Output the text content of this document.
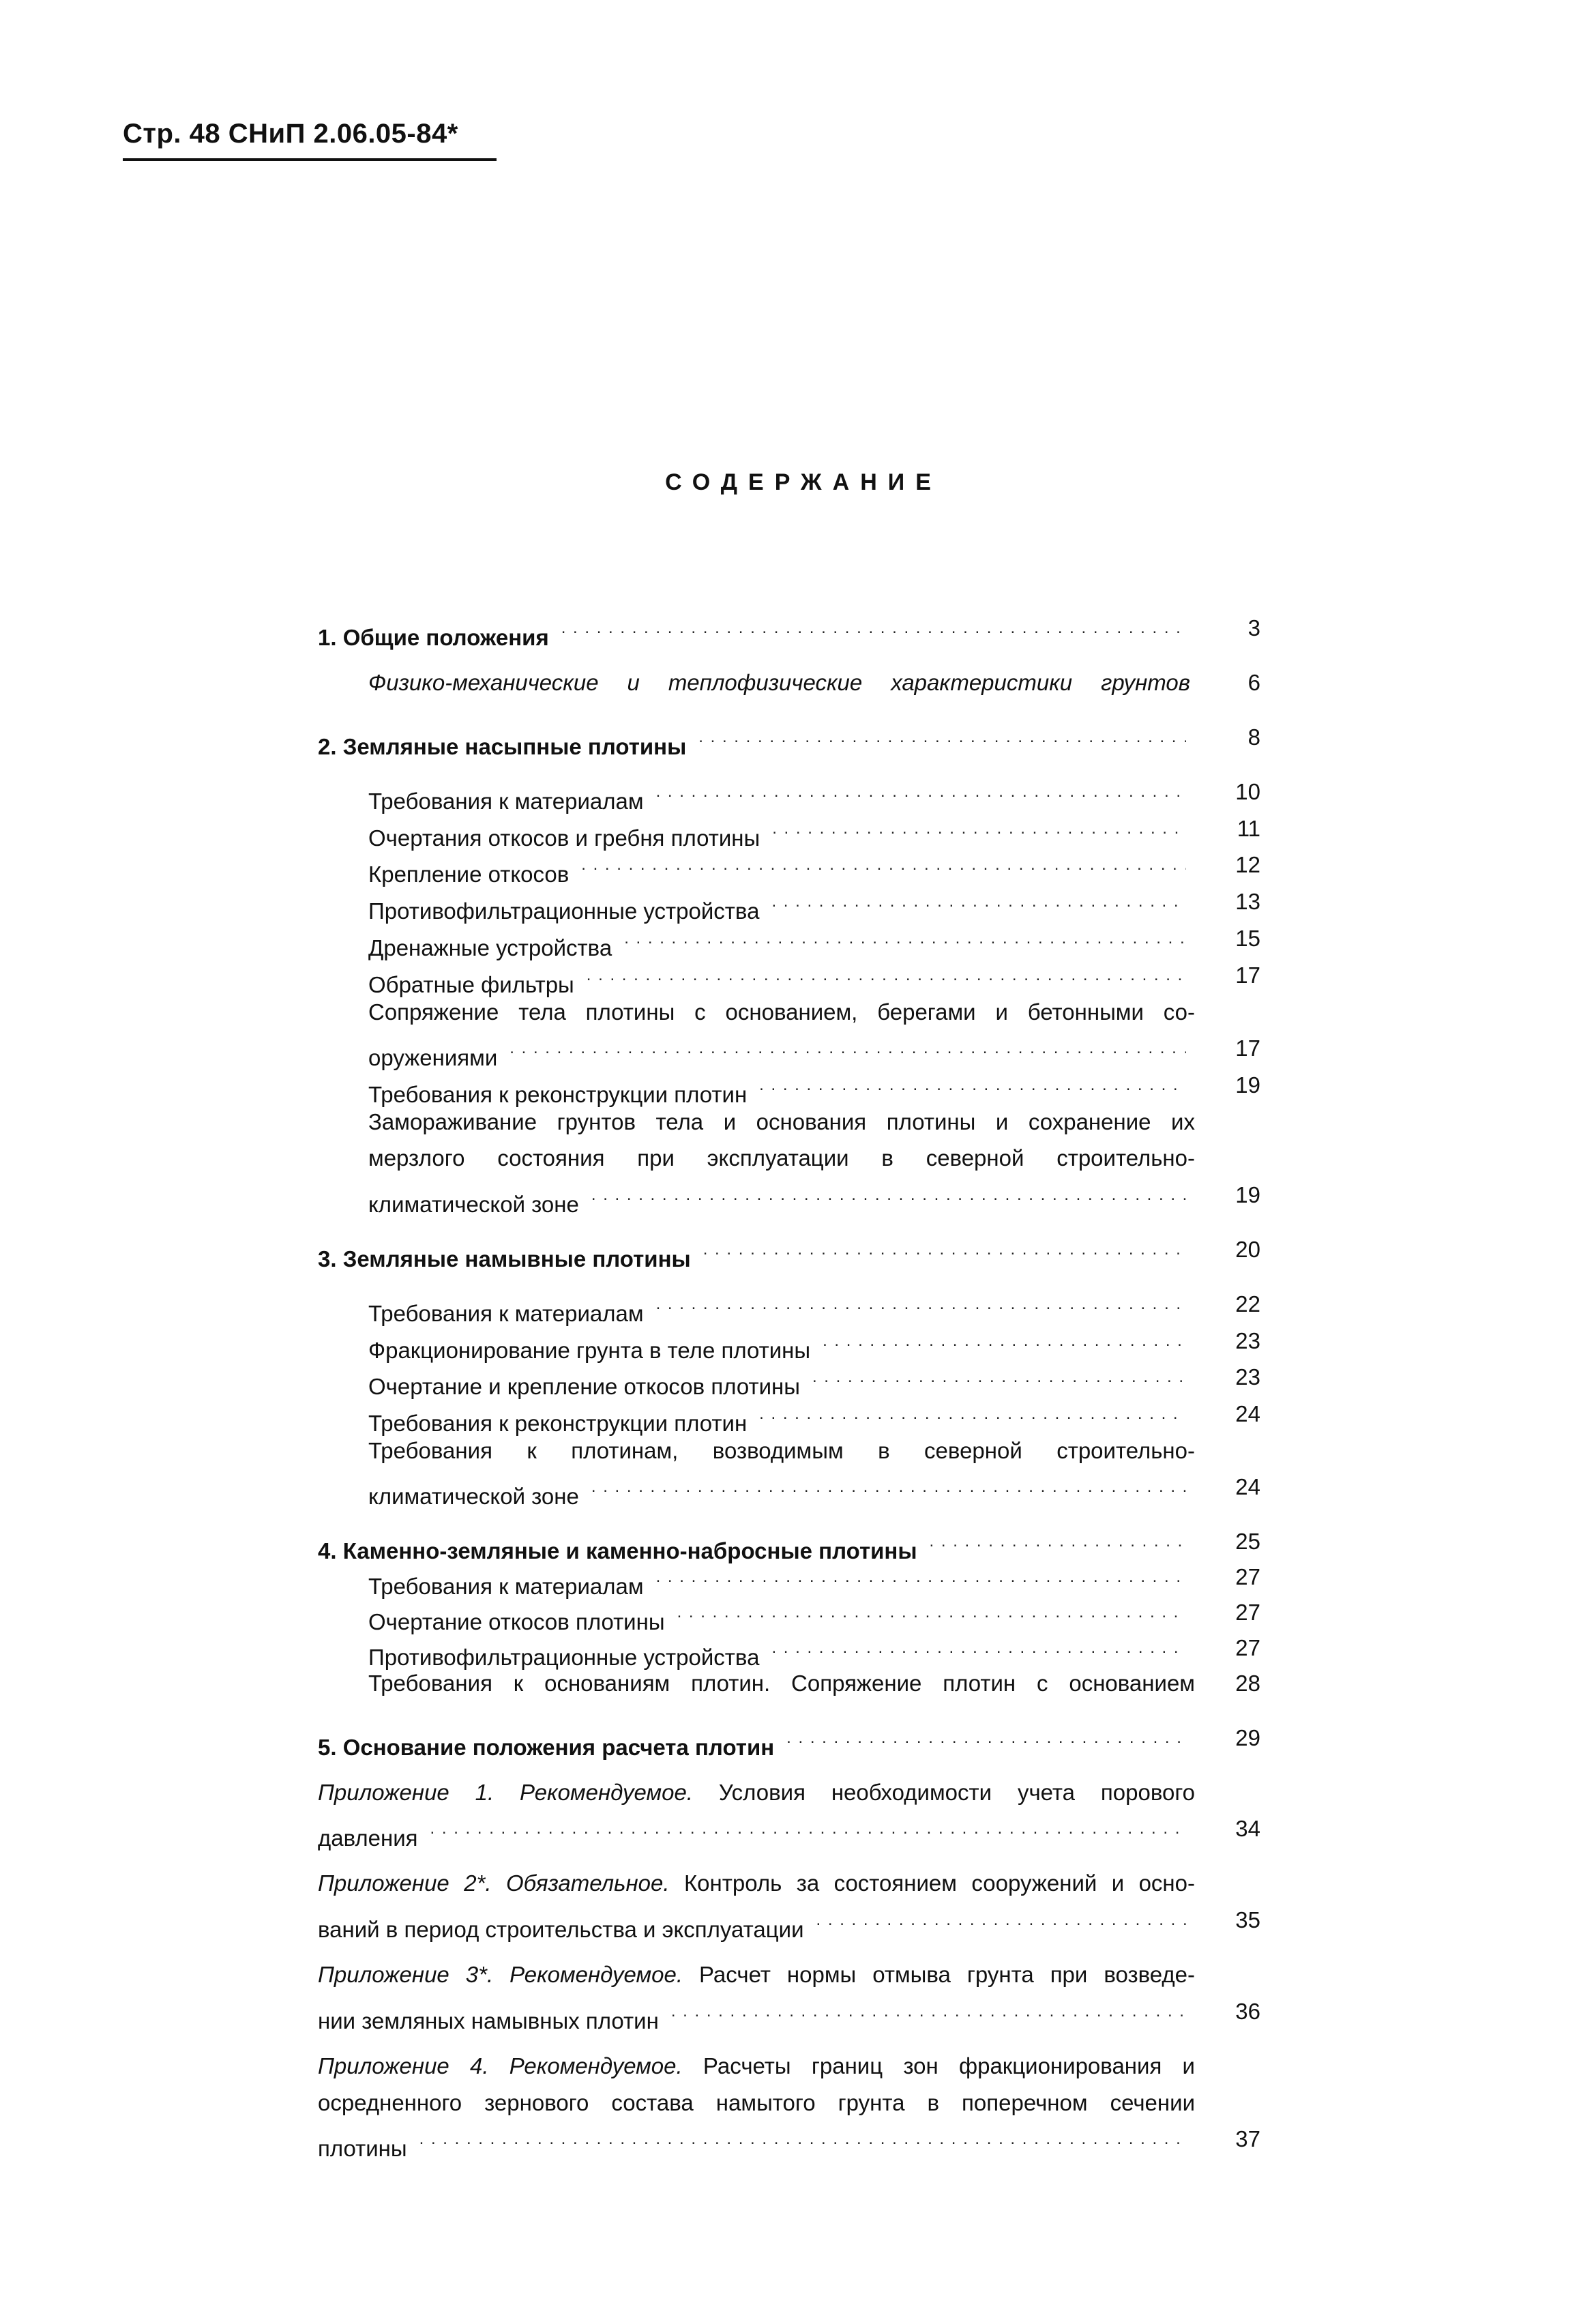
Стр. 48 СНиП 2.06.05-84*
СОДЕРЖАНИЕ
1. Общие положения . . .	3
Физико-механические и теплофизические характеристики грунтов	6
2. Земляные насыпные плотины . . .	8
Требования к материалам . . .	10
Очертания откосов и гребня плотины . . .	11
Крепление откосов . . .	12
Противофильтрационные устройства . . .	13
Дренажные устройства . . .	15
Обратные фильтры . . .	17
Сопряжение тела плотины с основанием, берегами и бетонными со-
оружениями . . .	17
Требования к реконструкции плотин . . .	19
Замораживание грунтов тела и основания плотины и сохранение их
мерзлого состояния при эксплуатации в северной строительно-
климатической зоне . . .	19
3. Земляные намывные плотины . . .	20
Требования к материалам . . .	22
Фракционирование грунта в теле плотины . . .	23
Очертание и крепление откосов плотины . . .	23
Требования к реконструкции плотин . . .	24
Требования к плотинам, возводимым в северной строительно-
климатической зоне . . .	24
4. Каменно-земляные и каменно-набросные плотины . . .	25
Требования к материалам . . .	27
Очертание откосов плотины . . .	27
Противофильтрационные устройства . . .	27
Требования к основаниям плотин. Сопряжение плотин с основанием	28
5. Основание положения расчета плотин . . .	29
Приложение 1. Рекомендуемое. Условия необходимости учета порового
давления . . .	34
Приложение 2*. Обязательное. Контроль за состоянием сооружений и осно-
ваний в период строительства и эксплуатации . . .	35
Приложение 3*. Рекомендуемое. Расчет нормы отмыва грунта при возведе-
нии земляных намывных плотин . . .	36
Приложение 4. Рекомендуемое. Расчеты границ зон фракционирования и
осредненного зернового состава намытого грунта в поперечном сечении
плотины . . .	37
